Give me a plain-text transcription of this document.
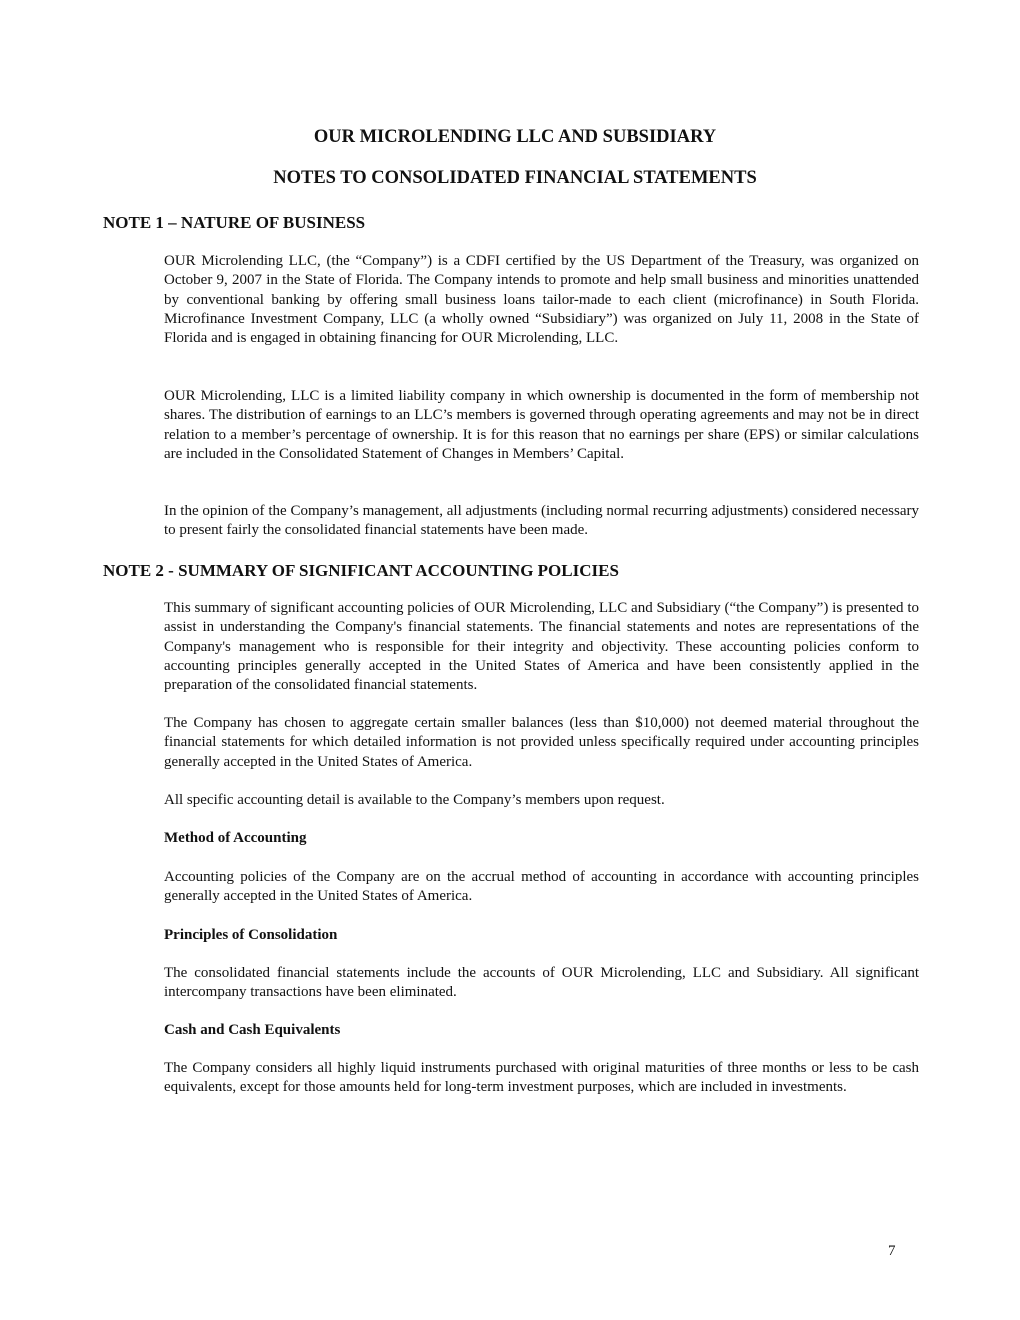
OUR MICROLENDING LLC AND SUBSIDIARY
NOTES TO CONSOLIDATED FINANCIAL STATEMENTS
NOTE 1 – NATURE OF BUSINESS

OUR Microlending LLC, (the “Company”) is a CDFI certified by the US Department of the Treasury, was organized on October 9, 2007 in the State of Florida. The Company intends to promote and help small business and minorities unattended by conventional banking by offering small business loans tailor-made to each client (microfinance) in South Florida. Microfinance Investment Company, LLC (a wholly owned “Subsidiary”) was organized on July 11, 2008 in the State of Florida and is engaged in obtaining financing for OUR Microlending, LLC.

OUR Microlending, LLC is a limited liability company in which ownership is documented in the form of membership not shares. The distribution of earnings to an LLC’s members is governed through operating agreements and may not be in direct relation to a member’s percentage of ownership. It is for this reason that no earnings per share (EPS) or similar calculations are included in the Consolidated Statement of Changes in Members’ Capital.

In the opinion of the Company’s management, all adjustments (including normal recurring adjustments) considered necessary to present fairly the consolidated financial statements have been made.

NOTE 2 - SUMMARY OF SIGNIFICANT ACCOUNTING POLICIES

This summary of significant accounting policies of OUR Microlending, LLC and Subsidiary (“the Company”) is presented to assist in understanding the Company's financial statements. The financial statements and notes are representations of the Company's management who is responsible for their integrity and objectivity. These accounting policies conform to accounting principles generally accepted in the United States of America and have been consistently applied in the preparation of the consolidated financial statements.

The Company has chosen to aggregate certain smaller balances (less than $10,000) not deemed material throughout the financial statements for which detailed information is not provided unless specifically required under accounting principles generally accepted in the United States of America.

All specific accounting detail is available to the Company’s members upon request.

Method of Accounting

Accounting policies of the Company are on the accrual method of accounting in accordance with accounting principles generally accepted in the United States of America.

Principles of Consolidation

The consolidated financial statements include the accounts of OUR Microlending, LLC and Subsidiary. All significant intercompany transactions have been eliminated.

Cash and Cash Equivalents

The Company considers all highly liquid instruments purchased with original maturities of three months or less to be cash equivalents, except for those amounts held for long-term investment purposes, which are included in investments.

7
